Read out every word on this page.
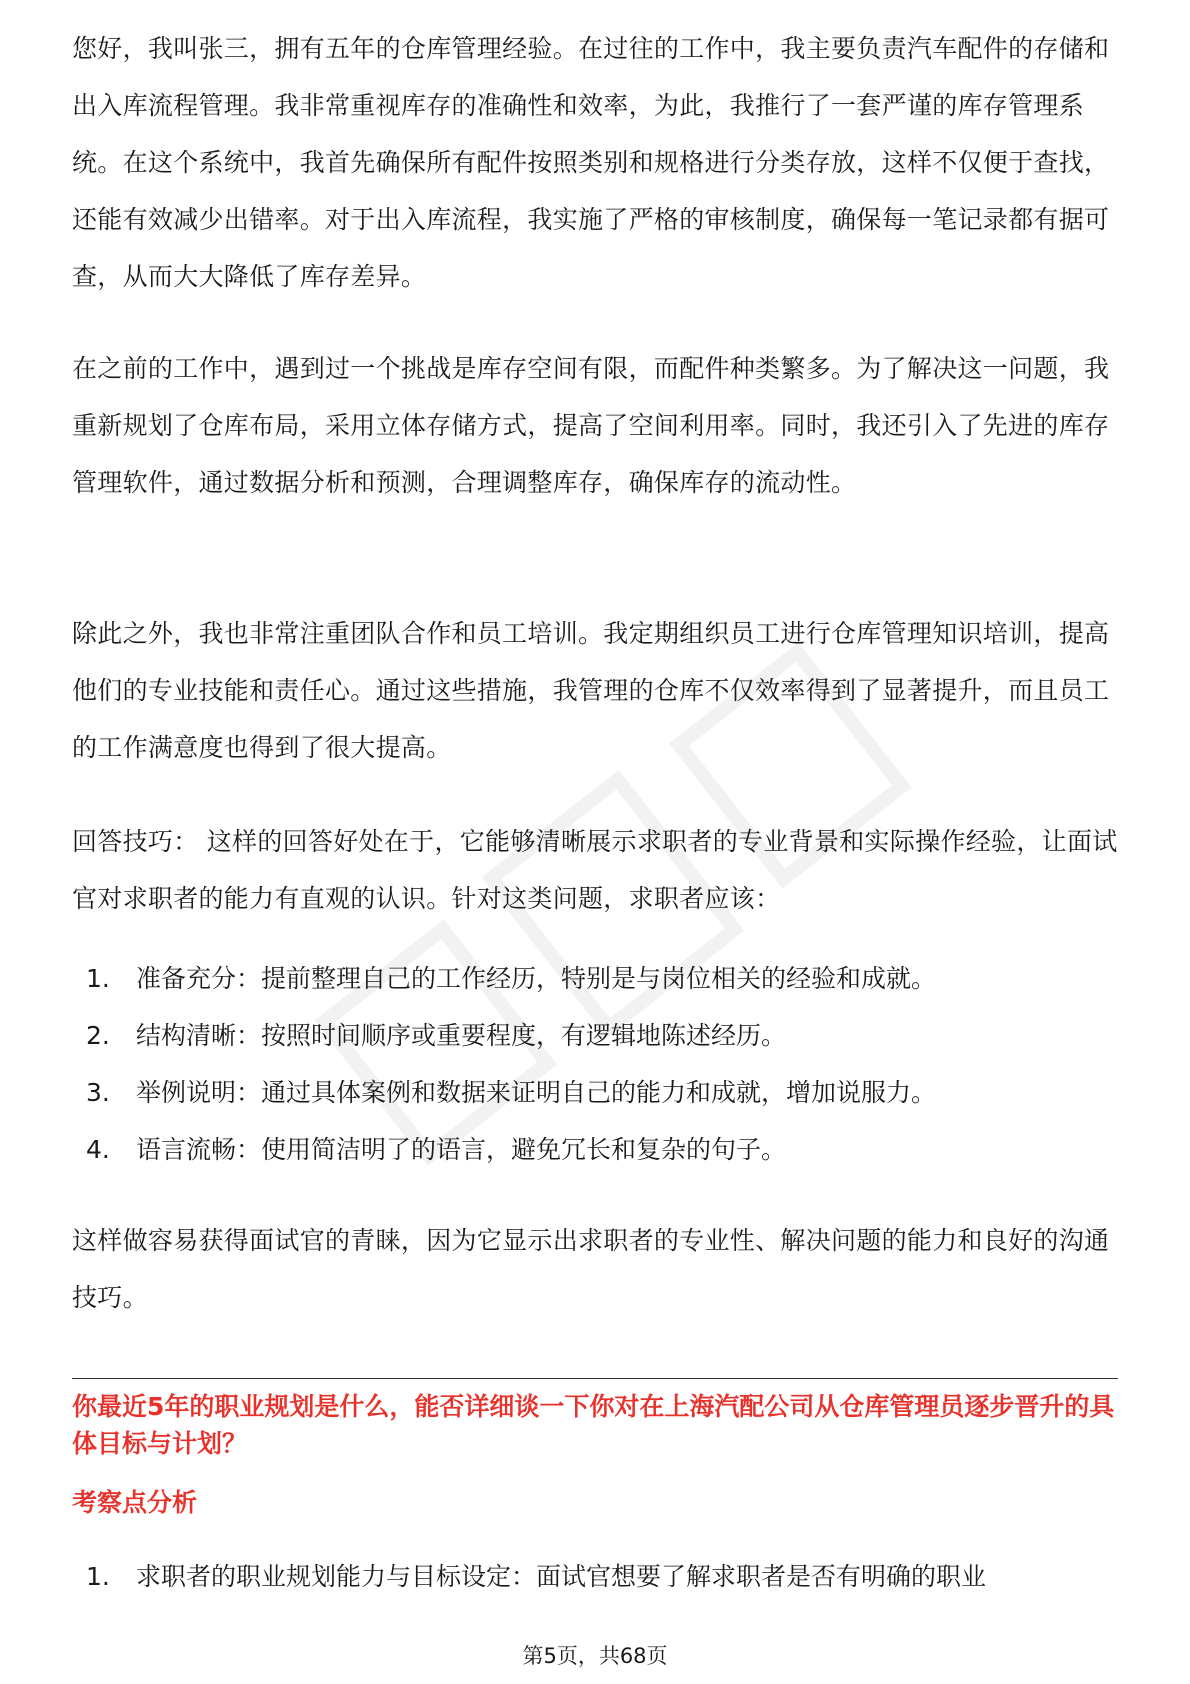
您好，我叫张三，拥有五年的仓库管理经验。在过往的工作中，我主要负责汽车配件的存储和出入库流程管理。我非常重视库存的准确性和效率，为此，我推行了一套严谨的库存管理系统。在这个系统中，我首先确保所有配件按照类别和规格进行分类存放，这样不仅便于查找，还能有效减少出错率。对于出入库流程，我实施了严格的审核制度，确保每一笔记录都有据可查，从而大大降低了库存差异。

在之前的工作中，遇到过一个挑战是库存空间有限，而配件种类繁多。为了解决这一问题，我重新规划了仓库布局，采用立体存储方式，提高了空间利用率。同时，我还引入了先进的库存管理软件，通过数据分析和预测，合理调整库存，确保库存的流动性。

除此之外，我也非常注重团队合作和员工培训。我定期组织员工进行仓库管理知识培训，提高他们的专业技能和责任心。通过这些措施，我管理的仓库不仅效率得到了显著提升，而且员工的工作满意度也得到了很大提高。

回答技巧： 这样的回答好处在于，它能够清晰展示求职者的专业背景和实际操作经验，让面试官对求职者的能力有直观的认识。针对这类问题，求职者应该：

1.	准备充分：提前整理自己的工作经历，特别是与岗位相关的经验和成就。
2.	结构清晰：按照时间顺序或重要程度，有逻辑地陈述经历。
3.	举例说明：通过具体案例和数据来证明自己的能力和成就，增加说服力。
4.	语言流畅：使用简洁明了的语言，避免冗长和复杂的句子。

这样做容易获得面试官的青睐，因为它显示出求职者的专业性、解决问题的能力和良好的沟通技巧。

你最近5年的职业规划是什么，能否详细谈一下你对在上海汽配公司从仓库管理员逐步晋升的具体目标与计划？
考察点分析
1.	求职者的职业规划能力与目标设定：面试官想要了解求职者是否有明确的职业
第5页，共68页
